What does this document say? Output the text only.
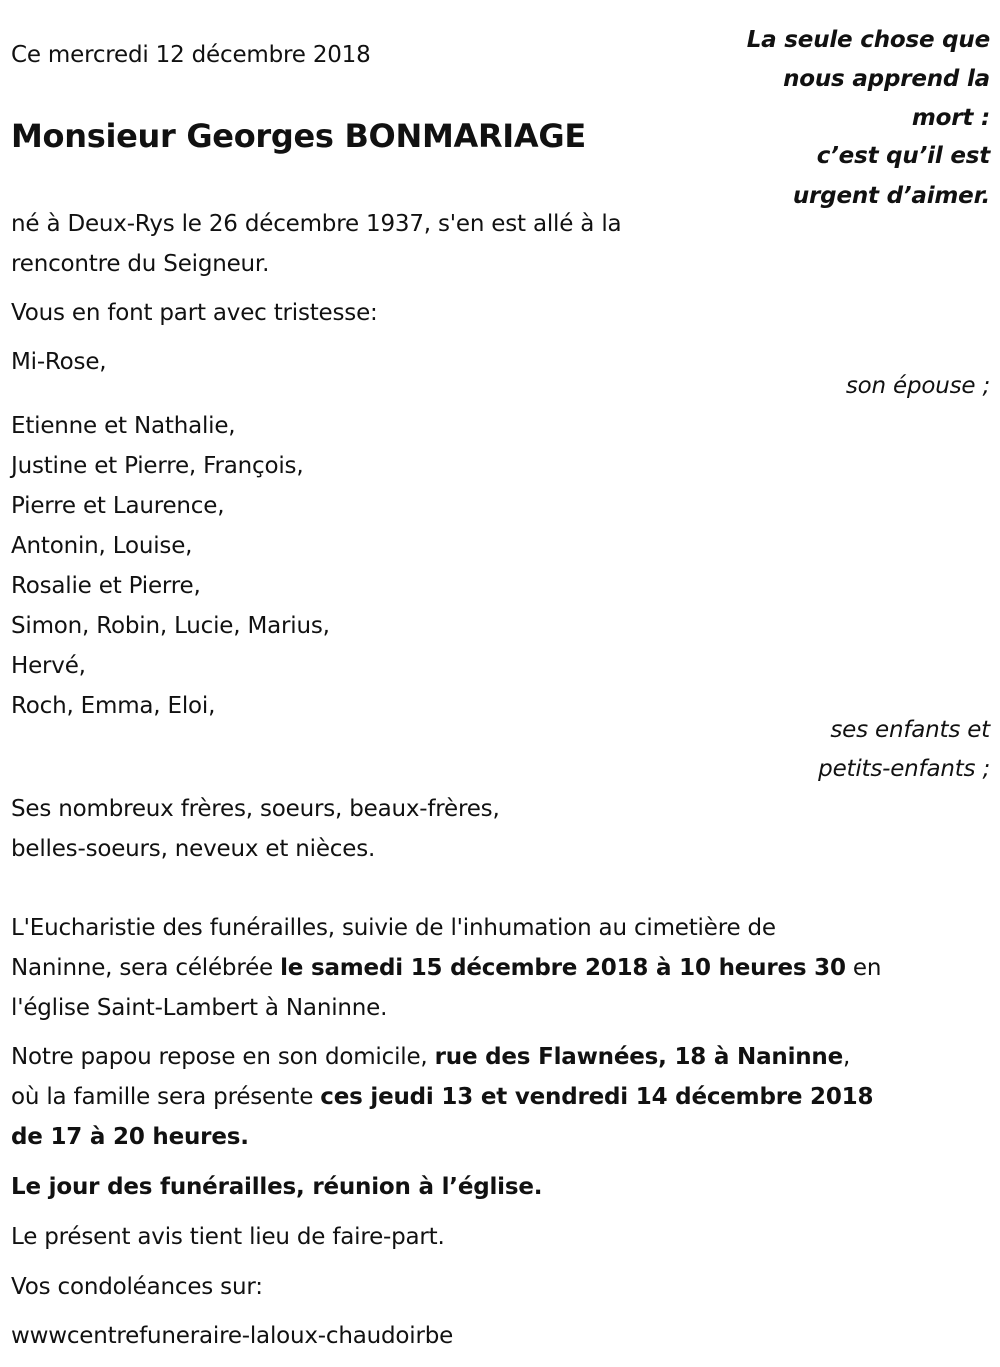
Ce mercredi 12 décembre 2018
Monsieur Georges BONMARIAGE
La seule chose que
nous apprend la
mort :
c’est qu’il est
urgent d’aimer.
né à Deux-Rys le 26 décembre 1937, s'en est allé à la
rencontre du Seigneur.
Vous en font part avec tristesse:
Mi-Rose,
son épouse ;
Etienne et Nathalie,
Justine et Pierre, François,
Pierre et Laurence,
Antonin, Louise,
Rosalie et Pierre,
Simon, Robin, Lucie, Marius,
Hervé,
Roch, Emma, Eloi,
ses enfants et
petits-enfants ;
Ses nombreux frères, soeurs, beaux-frères,
belles-soeurs, neveux et nièces.
L'Eucharistie des funérailles, suivie de l'inhumation au cimetière de
Naninne, sera célébrée le samedi 15 décembre 2018 à 10 heures 30 en
l'église Saint-Lambert à Naninne.
Notre papou repose en son domicile, rue des Flawnées, 18 à Naninne,
où la famille sera présente ces jeudi 13 et vendredi 14 décembre 2018
de 17 à 20 heures.
Le jour des funérailles, réunion à l’église.
Le présent avis tient lieu de faire-part.
Vos condoléances sur:
wwwcentrefuneraire-laloux-chaudoirbe
